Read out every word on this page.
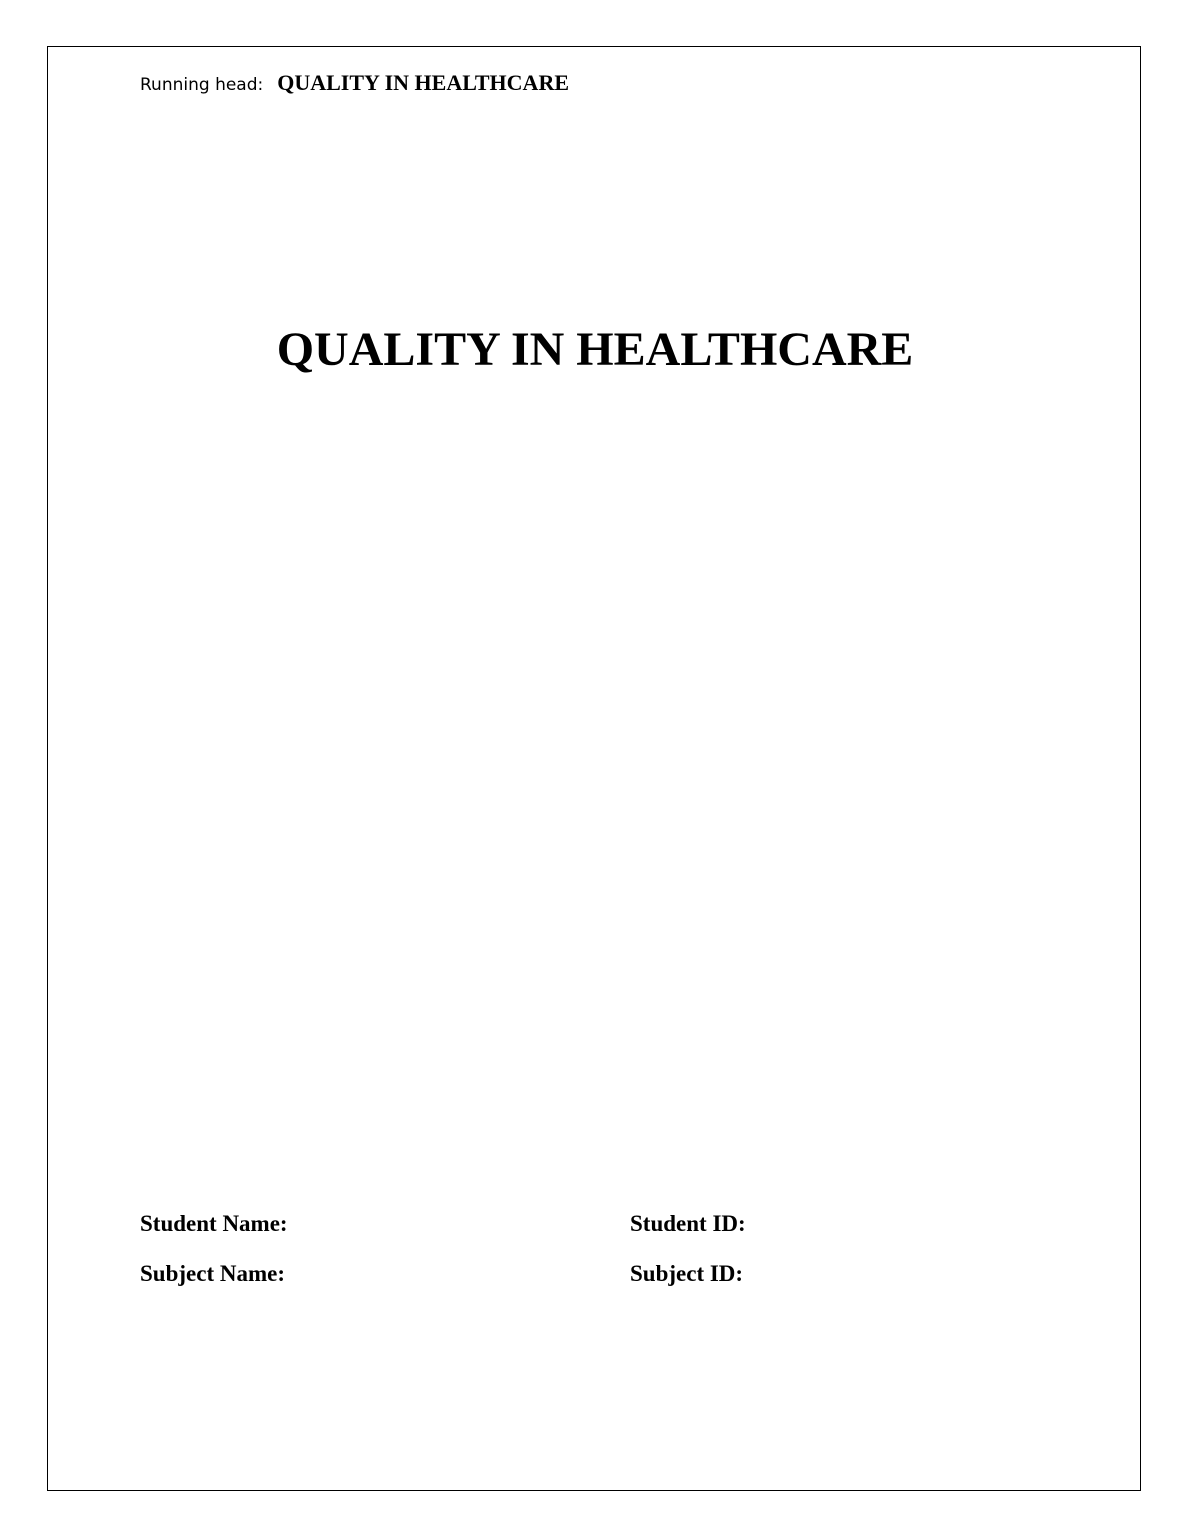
Running head: QUALITY IN HEALTHCARE
QUALITY IN HEALTHCARE
Student Name:	Student ID:
Subject Name:	Subject ID:
